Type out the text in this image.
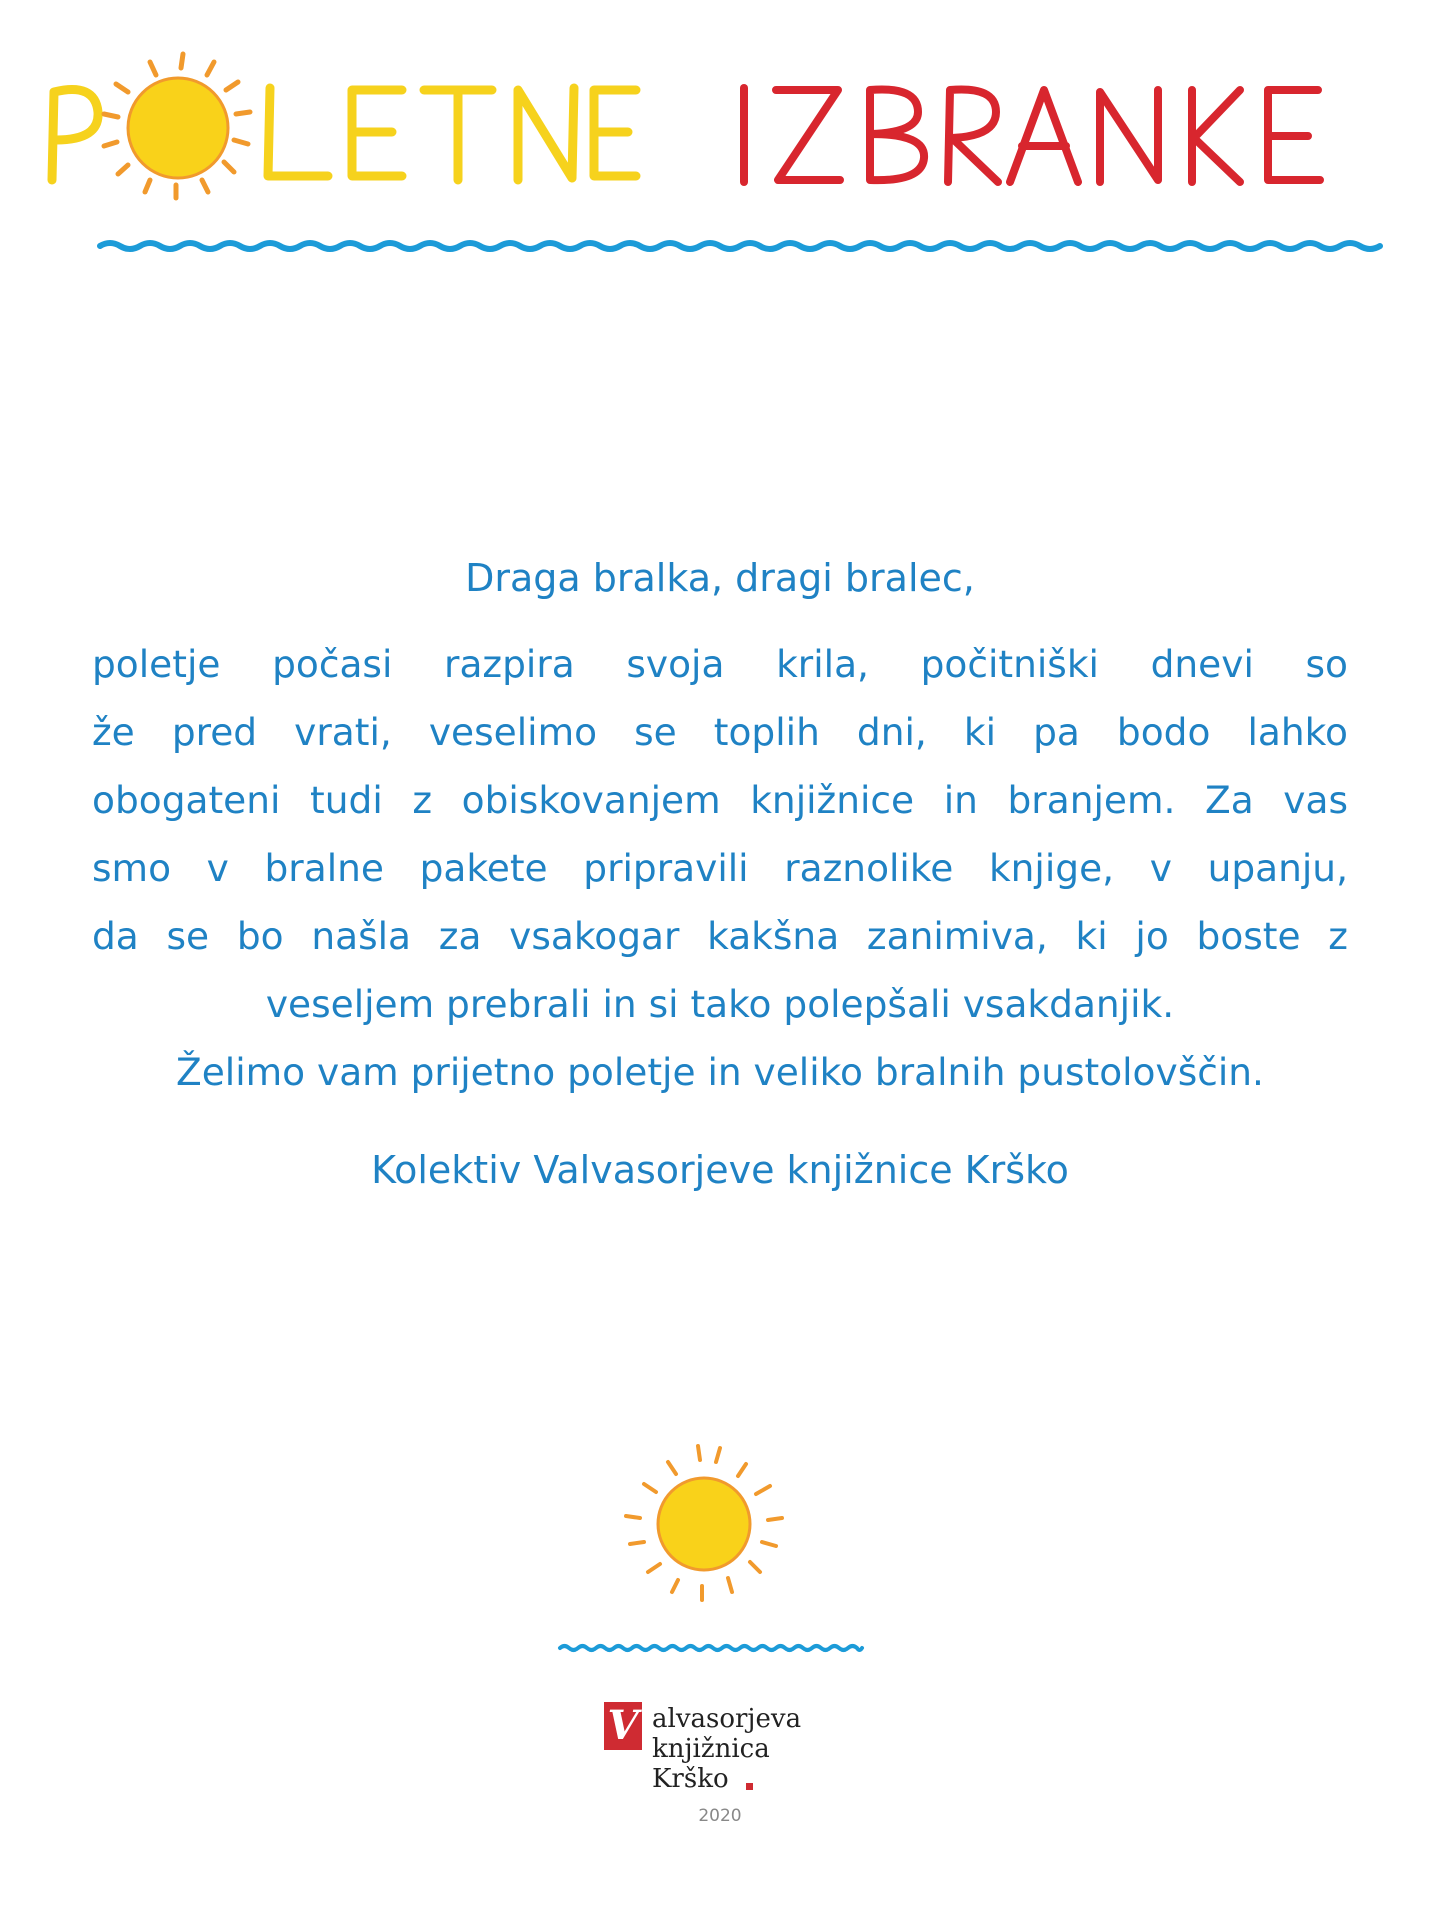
Draga bralka, dragi bralec,
poletje počasi razpira svoja krila, počitniški dnevi so
že pred vrati, veselimo se toplih dni, ki pa bodo lahko
obogateni tudi z obiskovanjem knjižnice in branjem. Za vas
smo v bralne pakete pripravili raznolike knjige, v upanju,
da se bo našla za vsakogar kakšna zanimiva, ki jo boste z
veseljem prebrali in si tako polepšali vsakdanjik.
Želimo vam prijetno poletje in veliko bralnih pustolovščin.
Kolektiv Valvasorjeve knjižnice Krško
V alvasorjeva
knjižnica
Krško
2020
